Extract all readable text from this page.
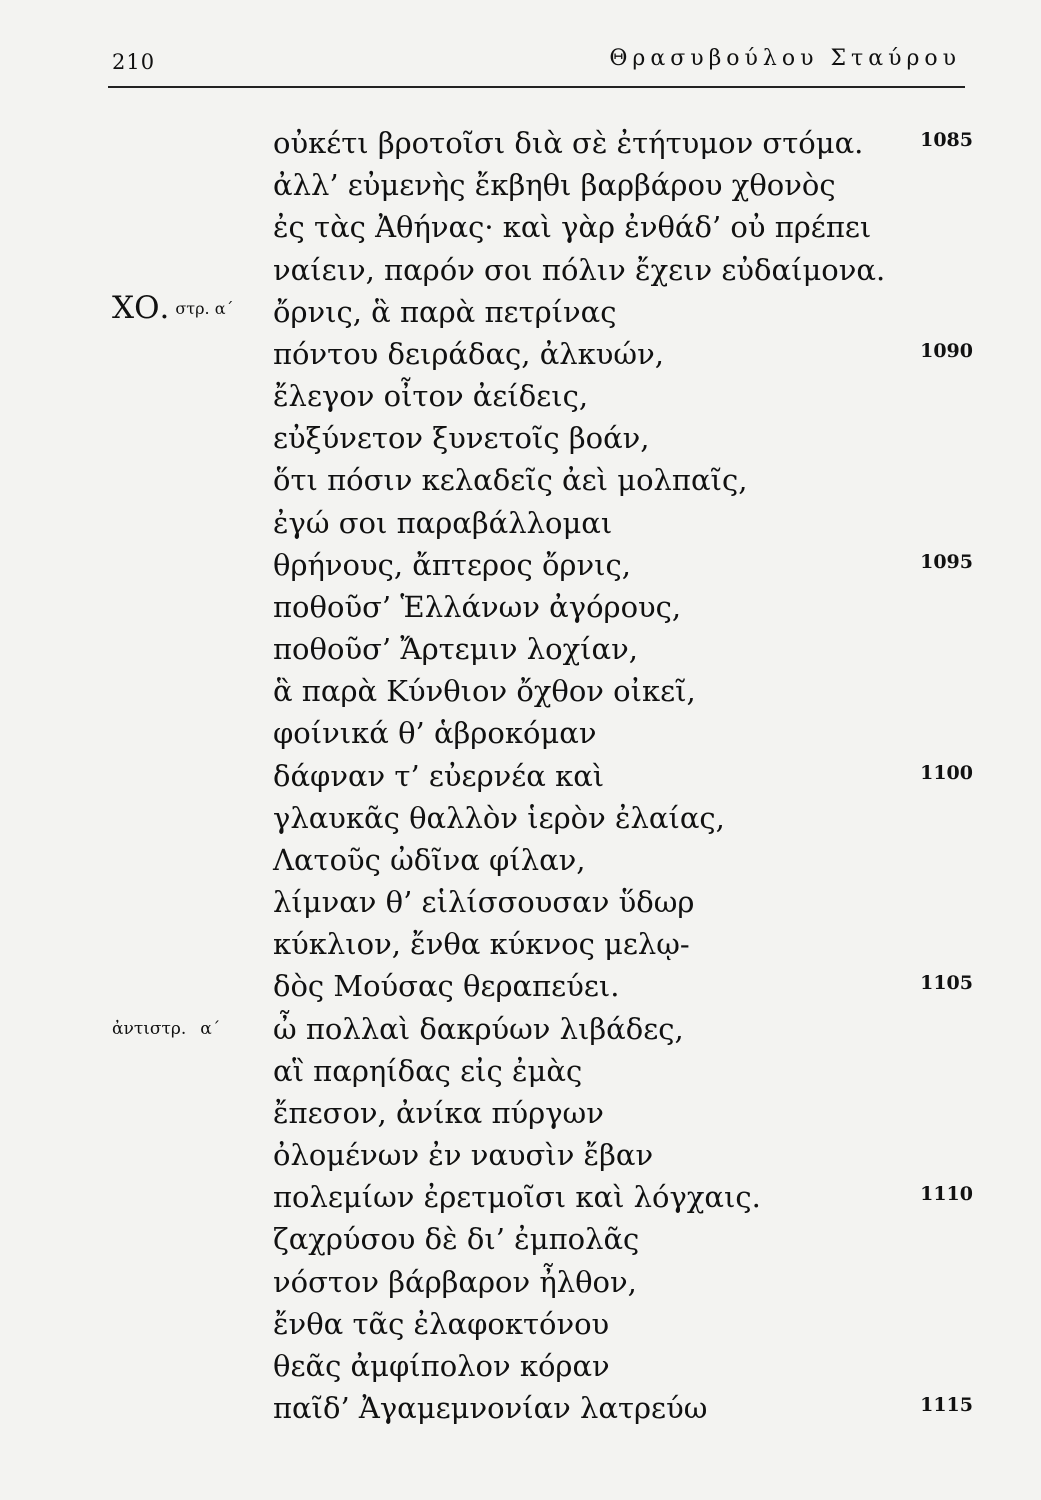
210	Θρασυβούλου Σταύρου
οὐκέτι βροτοῖσι διὰ σὲ ἐτήτυμον στόμα.	1085
ἀλλ’ εὐμενὴς ἔκβηθι βαρβάρου χθονὸς
ἐς τὰς Ἀθήνας· καὶ γὰρ ἐνθάδ’ οὐ πρέπει
ναίειν, παρόν σοι πόλιν ἔχειν εὐδαίμονα.
ὄρνις, ἃ παρὰ πετρίνας
ΧΟ. στρ. α΄
πόντου δειράδας, ἀλκυών,	1090
ἔλεγον οἶτον ἀείδεις,
εὐξύνετον ξυνετοῖς βοάν,
ὅτι πόσιν κελαδεῖς ἀεὶ μολπαῖς,
ἐγώ σοι παραβάλλομαι
θρήνους, ἄπτερος ὄρνις,	1095
ποθοῦσ’ Ἑλλάνων ἀγόρους,
ποθοῦσ’ Ἄρτεμιν λοχίαν,
ἃ παρὰ Κύνθιον ὄχθον οἰκεῖ,
φοίνικά θ’ ἁβροκόμαν
δάφναν τ’ εὐερνέα καὶ	1100
γλαυκᾶς θαλλὸν ἱερὸν ἐλαίας,
Λατοῦς ὠδῖνα φίλαν,
λίμναν θ’ εἱλίσσουσαν ὕδωρ
κύκλιον, ἔνθα κύκνος μελῳ-
δὸς Μούσας θεραπεύει.	1105
ὦ πολλαὶ δακρύων λιβάδες,
ἀντιστρ. α΄
αἳ παρηίδας εἰς ἐμὰς
ἔπεσον, ἀνίκα πύργων
ὀλομένων ἐν ναυσὶν ἔβαν
πολεμίων ἐρετμοῖσι καὶ λόγχαις.	1110
ζαχρύσου δὲ δι’ ἐμπολᾶς
νόστον βάρβαρον ἦλθον,
ἔνθα τᾶς ἐλαφοκτόνου
θεᾶς ἀμφίπολον κόραν
παῖδ’ Ἀγαμεμνονίαν λατρεύω	1115
